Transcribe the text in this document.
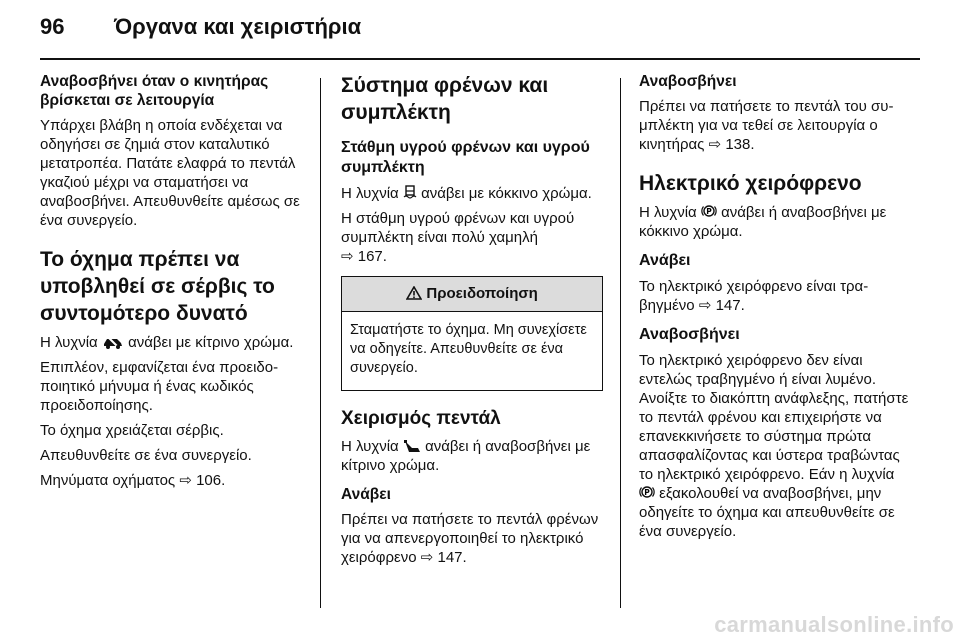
96 Όργανα και χειριστήρια

Αναβοσβήνει όταν ο κινητήρας
βρίσκεται σε λειτουργία

Υπάρχει βλάβη η οποία ενδέχεται να οδηγήσει σε ζημιά στον καταλυτικό μετατροπέα. Πατάτε ελαφρά το πεντάλ γκαζιού μέχρι να σταματήσει να αναβοσβήνει. Απευθυνθείτε αμέσως σε ένα συνεργείο.

Το όχημα πρέπει να υποβληθεί σε σέρβις το συντομότερο δυνατό

Η λυχνία ανάβει με κίτρινο χρώμα.

Επιπλέον, εμφανίζεται ένα προειδοποιητικό μήνυμα ή ένας κωδικός προειδοποίησης.

Το όχημα χρειάζεται σέρβις.

Απευθυνθείτε σε ένα συνεργείο.

Μηνύματα οχήματος ⇨ 106.

Σύστημα φρένων και συμπλέκτη

Στάθμη υγρού φρένων και υγρού συμπλέκτη

Η λυχνία ανάβει με κόκκινο χρώμα.

Η στάθμη υγρού φρένων και υγρού συμπλέκτη είναι πολύ χαμηλή
⇨ 167.

Προειδοποίηση
Σταματήστε το όχημα. Μη συνεχίσετε να οδηγείτε. Απευθυνθείτε σε ένα συνεργείο.

Χειρισμός πεντάλ

Η λυχνία ανάβει ή αναβοσβήνει με κίτρινο χρώμα.

Ανάβει

Πρέπει να πατήσετε το πεντάλ φρένων για να απενεργοποιηθεί το ηλεκτρικό χειρόφρενο ⇨ 147.

Αναβοσβήνει

Πρέπει να πατήσετε το πεντάλ του συμπλέκτη για να τεθεί σε λειτουργία ο κινητήρας ⇨ 138.

Ηλεκτρικό χειρόφρενο

Η λυχνία P ανάβει ή αναβοσβήνει με κόκκινο χρώμα.

Ανάβει

Το ηλεκτρικό χειρόφρενο είναι τραβηγμένο ⇨ 147.

Αναβοσβήνει

Το ηλεκτρικό χειρόφρενο δεν είναι εντελώς τραβηγμένο ή είναι λυμένο. Ανοίξτε το διακόπτη ανάφλεξης, πατήστε το πεντάλ φρένου και επιχειρήστε να επανεκκινήσετε το σύστημα πρώτα απασφαλίζοντας και ύστερα τραβώντας το ηλεκτρικό χειρόφρενο. Εάν η λυχνία
P εξακολουθεί να αναβοσβήνει, μην οδηγείτε το όχημα και απευθυνθείτε σε ένα συνεργείο.

carmanualsonline.info
